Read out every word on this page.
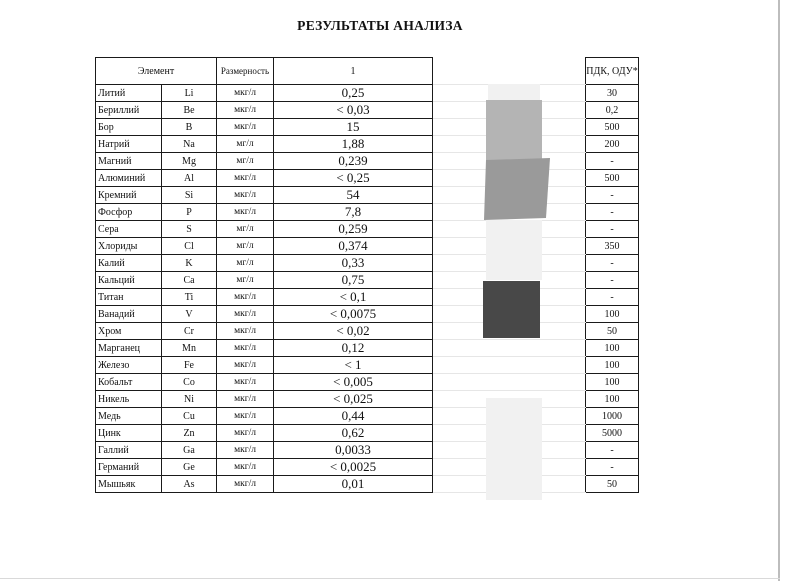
РЕЗУЛЬТАТЫ АНАЛИЗА
Элемент		Размерность	1		ПДК, ОДУ*
Литий	Li	мкг/л	0,25		30
Бериллий	Be	мкг/л	< 0,03		0,2
Бор	B	мкг/л	15		500
Натрий	Na	мг/л	1,88		200
Магний	Mg	мг/л	0,239		-
Алюминий	Al	мкг/л	< 0,25		500
Кремний	Si	мкг/л	54		-
Фосфор	P	мкг/л	7,8		-
Сера	S	мг/л	0,259		-
Хлориды	Cl	мг/л	0,374		350
Калий	K	мг/л	0,33		-
Кальций	Ca	мг/л	0,75		-
Титан	Ti	мкг/л	< 0,1		-
Ванадий	V	мкг/л	< 0,0075		100
Хром	Cr	мкг/л	< 0,02		50
Марганец	Mn	мкг/л	0,12		100
Железо	Fe	мкг/л	< 1		100
Кобальт	Co	мкг/л	< 0,005		100
Никель	Ni	мкг/л	< 0,025		100
Медь	Cu	мкг/л	0,44		1000
Цинк	Zn	мкг/л	0,62		5000
Галлий	Ga	мкг/л	0,0033		-
Германий	Ge	мкг/л	< 0,0025		-
Мышьяк	As	мкг/л	0,01		50
